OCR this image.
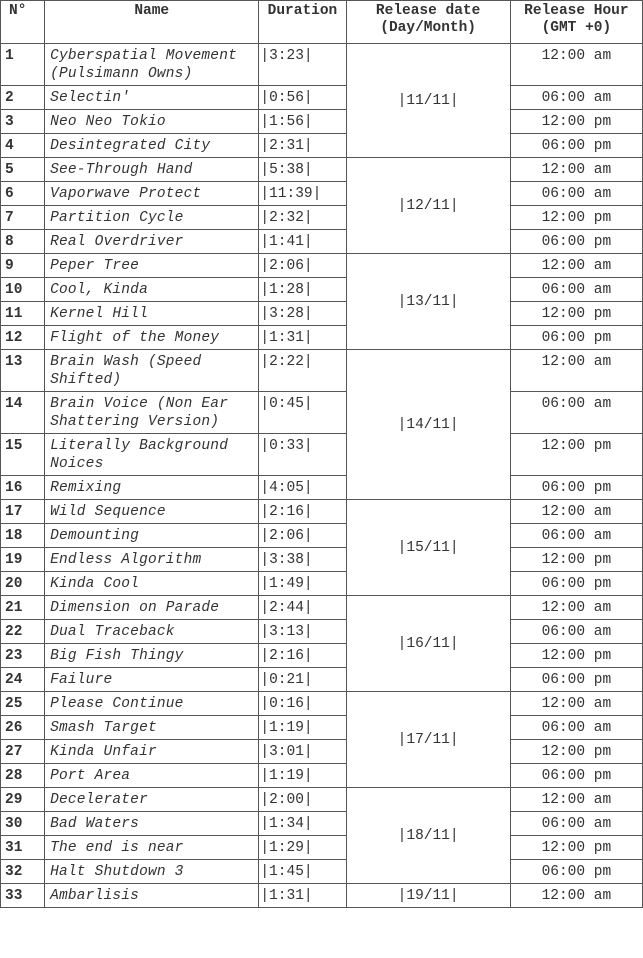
N°	Name	Duration	Release date (Day/Month)	Release Hour (GMT +0)
1	Cyberspatial Movement (Pulsimann Owns)	|3:23|	|11/11|	12:00 am
2	Selectin'	|0:56|		06:00 am
3	Neo Neo Tokio	|1:56|		12:00 pm
4	Desintegrated City	|2:31|		06:00 pm
5	See-Through Hand	|5:38|	|12/11|	12:00 am
6	Vaporwave Protect	|11:39|		06:00 am
7	Partition Cycle	|2:32|		12:00 pm
8	Real Overdriver	|1:41|		06:00 pm
9	Peper Tree	|2:06|	|13/11|	12:00 am
10	Cool, Kinda	|1:28|		06:00 am
11	Kernel Hill	|3:28|		12:00 pm
12	Flight of the Money	|1:31|		06:00 pm
13	Brain Wash (Speed Shifted)	|2:22|	|14/11|	12:00 am
14	Brain Voice (Non Ear Shattering Version)	|0:45|		06:00 am
15	Literally Background Noices	|0:33|		12:00 pm
16	Remixing	|4:05|		06:00 pm
17	Wild Sequence	|2:16|	|15/11|	12:00 am
18	Demounting	|2:06|		06:00 am
19	Endless Algorithm	|3:38|		12:00 pm
20	Kinda Cool	|1:49|		06:00 pm
21	Dimension on Parade	|2:44|	|16/11|	12:00 am
22	Dual Traceback	|3:13|		06:00 am
23	Big Fish Thingy	|2:16|		12:00 pm
24	Failure	|0:21|		06:00 pm
25	Please Continue	|0:16|	|17/11|	12:00 am
26	Smash Target	|1:19|		06:00 am
27	Kinda Unfair	|3:01|		12:00 pm
28	Port Area	|1:19|		06:00 pm
29	Decelerater	|2:00|	|18/11|	12:00 am
30	Bad Waters	|1:34|		06:00 am
31	The end is near	|1:29|		12:00 pm
32	Halt Shutdown 3	|1:45|		06:00 pm
33	Ambarlisis	|1:31|	|19/11|	12:00 am
